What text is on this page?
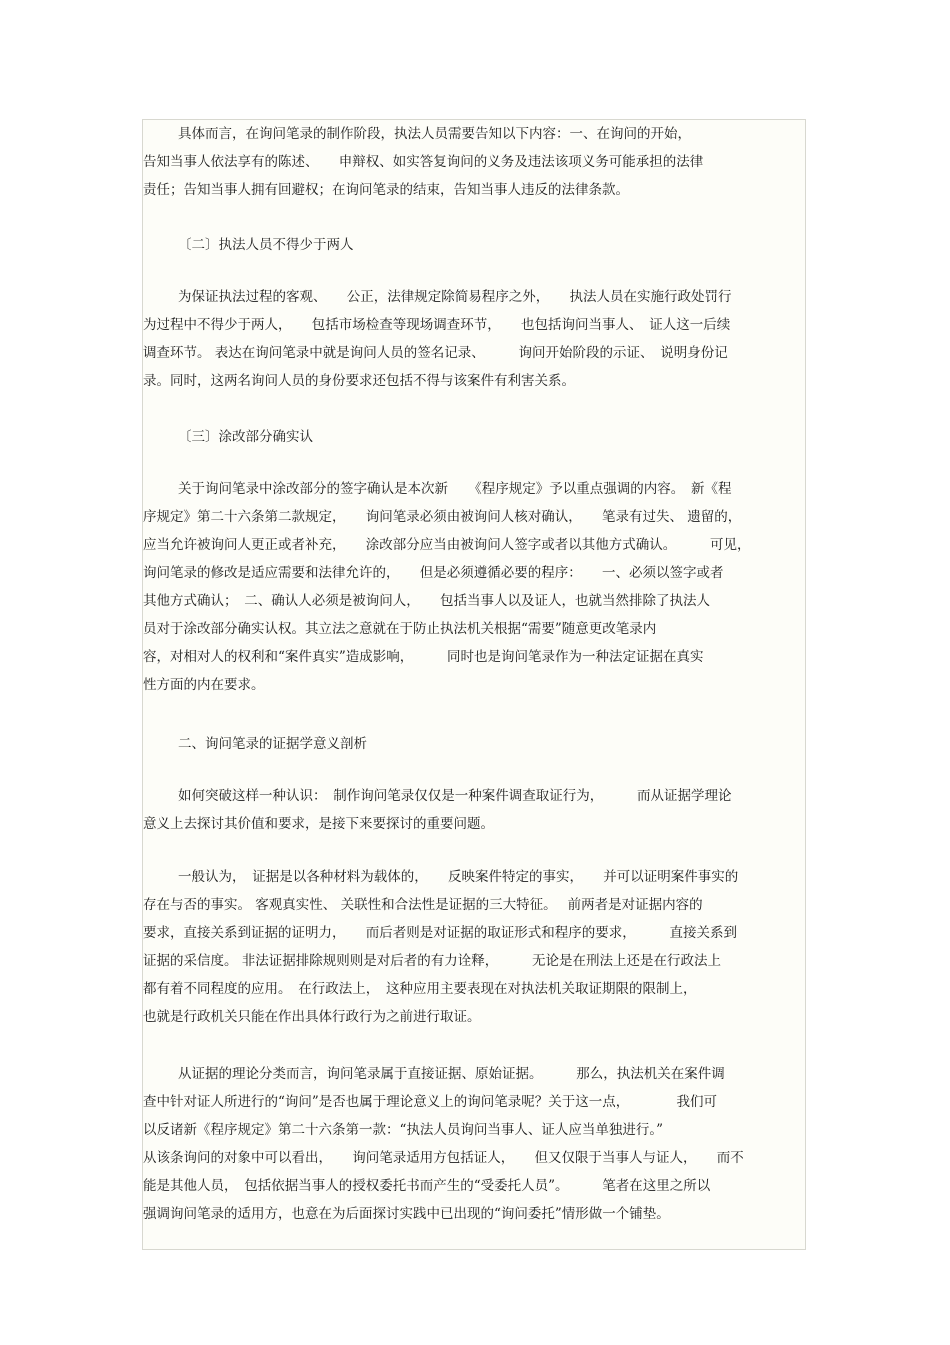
具体而言，在询问笔录的制作阶段，执法人员需要告知以下内容：一、在询问的开始，
告知当事人依法享有的陈述、　　申辩权、如实答复询问的义务及违法该项义务可能承担的法律
责任；告知当事人拥有回避权；在询问笔录的结束，告知当事人违反的法律条款。
〔二〕执法人员不得少于两人
为保证执法过程的客观、　　公正，法律规定除简易程序之外，　　执法人员在实施行政处罚行
为过程中不得少于两人，　　包括市场检查等现场调查环节，　　也包括询问当事人、　证人这一后续
调查环节。 表达在询问笔录中就是询问人员的签名记录、　　　询问开始阶段的示证、　说明身份记
录。同时，这两名询问人员的身份要求还包括不得与该案件有利害关系。
〔三〕涂改部分确实认
关于询问笔录中涂改部分的签字确认是本次新　　《程序规定》予以重点强调的内容。　新《程
序规定》第二十六条第二款规定，　　询问笔录必须由被询问人核对确认，　　笔录有过失、 遗留的，
应当允许被询问人更正或者补充，　　涂改部分应当由被询问人签字或者以其他方式确认。　　　可见，
询问笔录的修改是适应需要和法律允许的，　　但是必须遵循必要的程序：　　一、必须以签字或者
其他方式确认；　二、确认人必须是被询问人，　　包括当事人以及证人，也就当然排除了执法人
员对于涂改部分确实认权。其立法之意就在于防止执法机关根据“需要”随意更改笔录内
容，对相对人的权利和“案件真实”造成影响，　　　同时也是询问笔录作为一种法定证据在真实
性方面的内在要求。
二、询问笔录的证据学意义剖析
如何突破这样一种认识：　制作询问笔录仅仅是一种案件调查取证行为，　　　而从证据学理论
意义上去探讨其价值和要求，是接下来要探讨的重要问题。
一般认为，　证据是以各种材料为载体的，　　反映案件特定的事实，　　并可以证明案件事实的
存在与否的事实。 客观真实性、 关联性和合法性是证据的三大特征。　 前两者是对证据内容的
要求，直接关系到证据的证明力，　　而后者则是对证据的取证形式和程序的要求，　　　直接关系到
证据的采信度。 非法证据排除规则则是对后者的有力诠释，　　　无论是在刑法上还是在行政法上
都有着不同程度的应用。　在行政法上，　这种应用主要表现在对执法机关取证期限的限制上，
也就是行政机关只能在作出具体行政行为之前进行取证。
从证据的理论分类而言，询问笔录属于直接证据、原始证据。　　　那么，执法机关在案件调
查中针对证人所进行的“询问”是否也属于理论意义上的询问笔录呢？关于这一点，　　　　我们可
以反诸新《程序规定》第二十六条第一款：“执法人员询问当事人、证人应当单独进行。”
从该条询问的对象中可以看出，　　询问笔录适用方包括证人，　　但又仅限于当事人与证人，　　而不
能是其他人员，　包括依据当事人的授权委托书而产生的“受委托人员”。　　　笔者在这里之所以
强调询问笔录的适用方，也意在为后面探讨实践中已出现的“询问委托”情形做一个铺垫。
